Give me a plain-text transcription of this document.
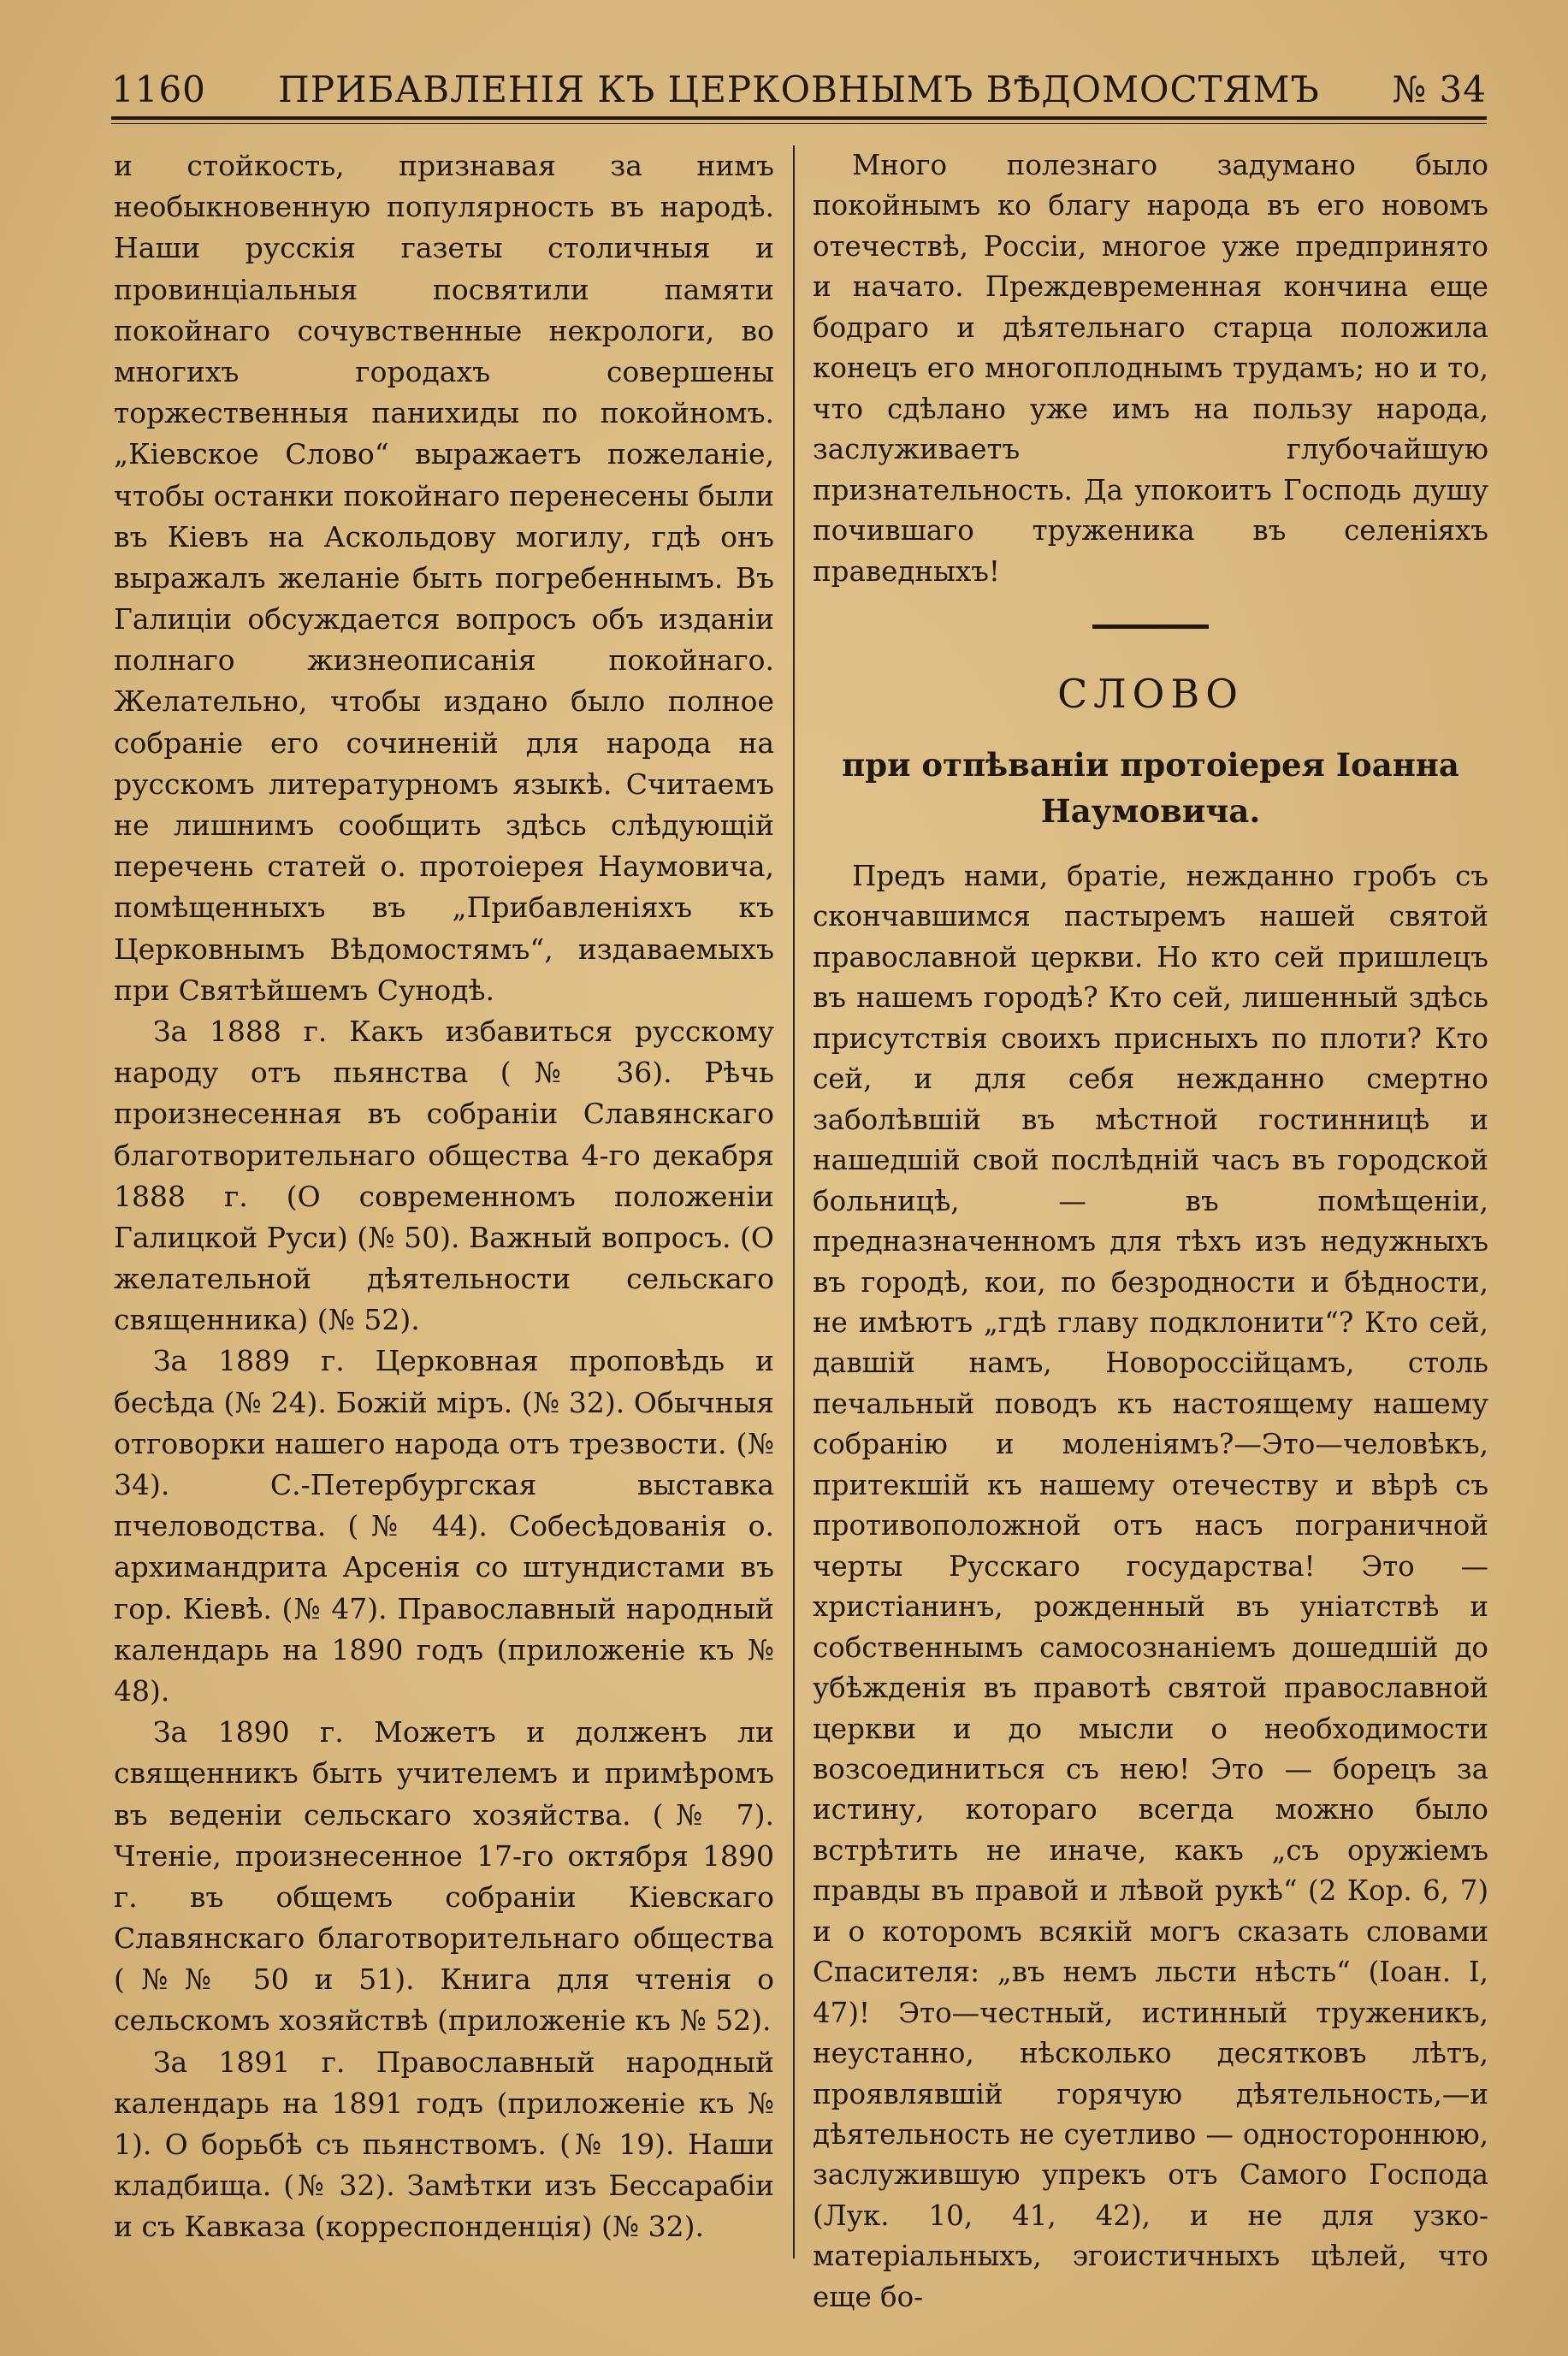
1160	ПРИБАВЛЕНІЯ КЪ ЦЕРКОВНЫМЪ ВѢДОМОСТЯМЪ	№ 34

и стойкость, признавая за нимъ необыкновенную популярность въ народѣ. Наши русскія газеты столичныя и провинціальныя посвятили памяти покойнаго сочувственные некрологи, во многихъ городахъ совершены торжественныя панихиды по покойномъ. „Кіевское Слово“ выражаетъ пожеланіе, чтобы останки покойнаго перенесены были въ Кіевъ на Аскольдову могилу, гдѣ онъ выражалъ желаніе быть погребеннымъ. Въ Галиціи обсуждается вопросъ объ изданіи полнаго жизнеописанія покойнаго. Желательно, чтобы издано было полное собраніе его сочиненій для народа на русскомъ литературномъ языкѣ. Считаемъ не лишнимъ сообщить здѣсь слѣдующій перечень статей о. протоіерея Наумовича, помѣщенныхъ въ „Прибавленіяхъ къ Церковнымъ Вѣдомостямъ“, издаваемыхъ при Святѣйшемъ Сунодѣ.

За 1888 г. Какъ избавиться русскому народу отъ пьянства (№ 36). Рѣчь произнесенная въ собраніи Славянскаго благотворительнаго общества 4-го декабря 1888 г. (О современномъ положеніи Галицкой Руси) (№ 50). Важный вопросъ. (О желательной дѣятельности сельскаго священника) (№ 52).

За 1889 г. Церковная проповѣдь и бесѣда (№ 24). Божій міръ. (№ 32). Обычныя отговорки нашего народа отъ трезвости. (№ 34). С.-Петербургская выставка пчеловодства. (№ 44). Собесѣдованія о. архимандрита Арсенія со штундистами въ гор. Кіевѣ. (№ 47). Православный народный календарь на 1890 годъ (приложеніе къ № 48).

За 1890 г. Можетъ и долженъ ли священникъ быть учителемъ и примѣромъ въ веденіи сельскаго хозяйства. (№ 7). Чтеніе, произнесенное 17-го октября 1890 г. въ общемъ собраніи Кіевскаго Славянскаго благотворительнаго общества (№№ 50 и 51). Книга для чтенія о сельскомъ хозяйствѣ (приложеніе къ № 52).

За 1891 г. Православный народный календарь на 1891 годъ (приложеніе къ № 1). О борьбѣ съ пьянствомъ. (№ 19). Наши кладбища. (№ 32). Замѣтки изъ Бессарабіи и съ Кавказа (корреспонденція) (№ 32).

Много полезнаго задумано было покойнымъ ко благу народа въ его новомъ отечествѣ, Россіи, многое уже предпринято и начато. Преждевременная кончина еще бодраго и дѣятельнаго старца положила конецъ его многоплоднымъ трудамъ; но и то, что сдѣлано уже имъ на пользу народа, заслуживаетъ глубочайшую признательность. Да упокоитъ Господь душу почившаго труженика въ селеніяхъ праведныхъ!

СЛОВО
при отпѣваніи протоіерея Іоанна Наумовича.

Предъ нами, братіе, нежданно гробъ съ скончавшимся пастыремъ нашей святой православной церкви. Но кто сей пришлецъ въ нашемъ городѣ? Кто сей, лишенный здѣсь присутствія своихъ присныхъ по плоти? Кто сей, и для себя нежданно смертно заболѣвшій въ мѣстной гостинницѣ и нашедшій свой послѣдній часъ въ городской больницѣ, — въ помѣщеніи, предназначенномъ для тѣхъ изъ недужныхъ въ городѣ, кои, по безродности и бѣдности, не имѣютъ „гдѣ главу подклонити“? Кто сей, давшій намъ, Новороссійцамъ, столь печальный поводъ къ настоящему нашему собранію и моленіямъ?—Это—человѣкъ, притекшій къ нашему отечеству и вѣрѣ съ противоположной отъ насъ пограничной черты Русскаго государства! Это — христіанинъ, рожденный въ уніатствѣ и собственнымъ самосознаніемъ дошедшій до убѣжденія въ правотѣ святой православной церкви и до мысли о необходимости возсоединиться съ нею! Это — борецъ за истину, котораго всегда можно было встрѣтить не иначе, какъ „съ оружіемъ правды въ правой и лѣвой рукѣ“ (2 Кор. 6, 7) и о которомъ всякій могъ сказать словами Спасителя: „въ немъ льсти нѣсть“ (Іоан. I, 47)! Это—честный, истинный труженикъ, неустанно, нѣсколько десятковъ лѣтъ, проявлявшій горячую дѣятельность,—и дѣятельность не суетливо — одностороннюю, заслужившую упрекъ отъ Самого Господа (Лук. 10, 41, 42), и не для узко-матеріальныхъ, эгоистичныхъ цѣлей, что еще бо-
